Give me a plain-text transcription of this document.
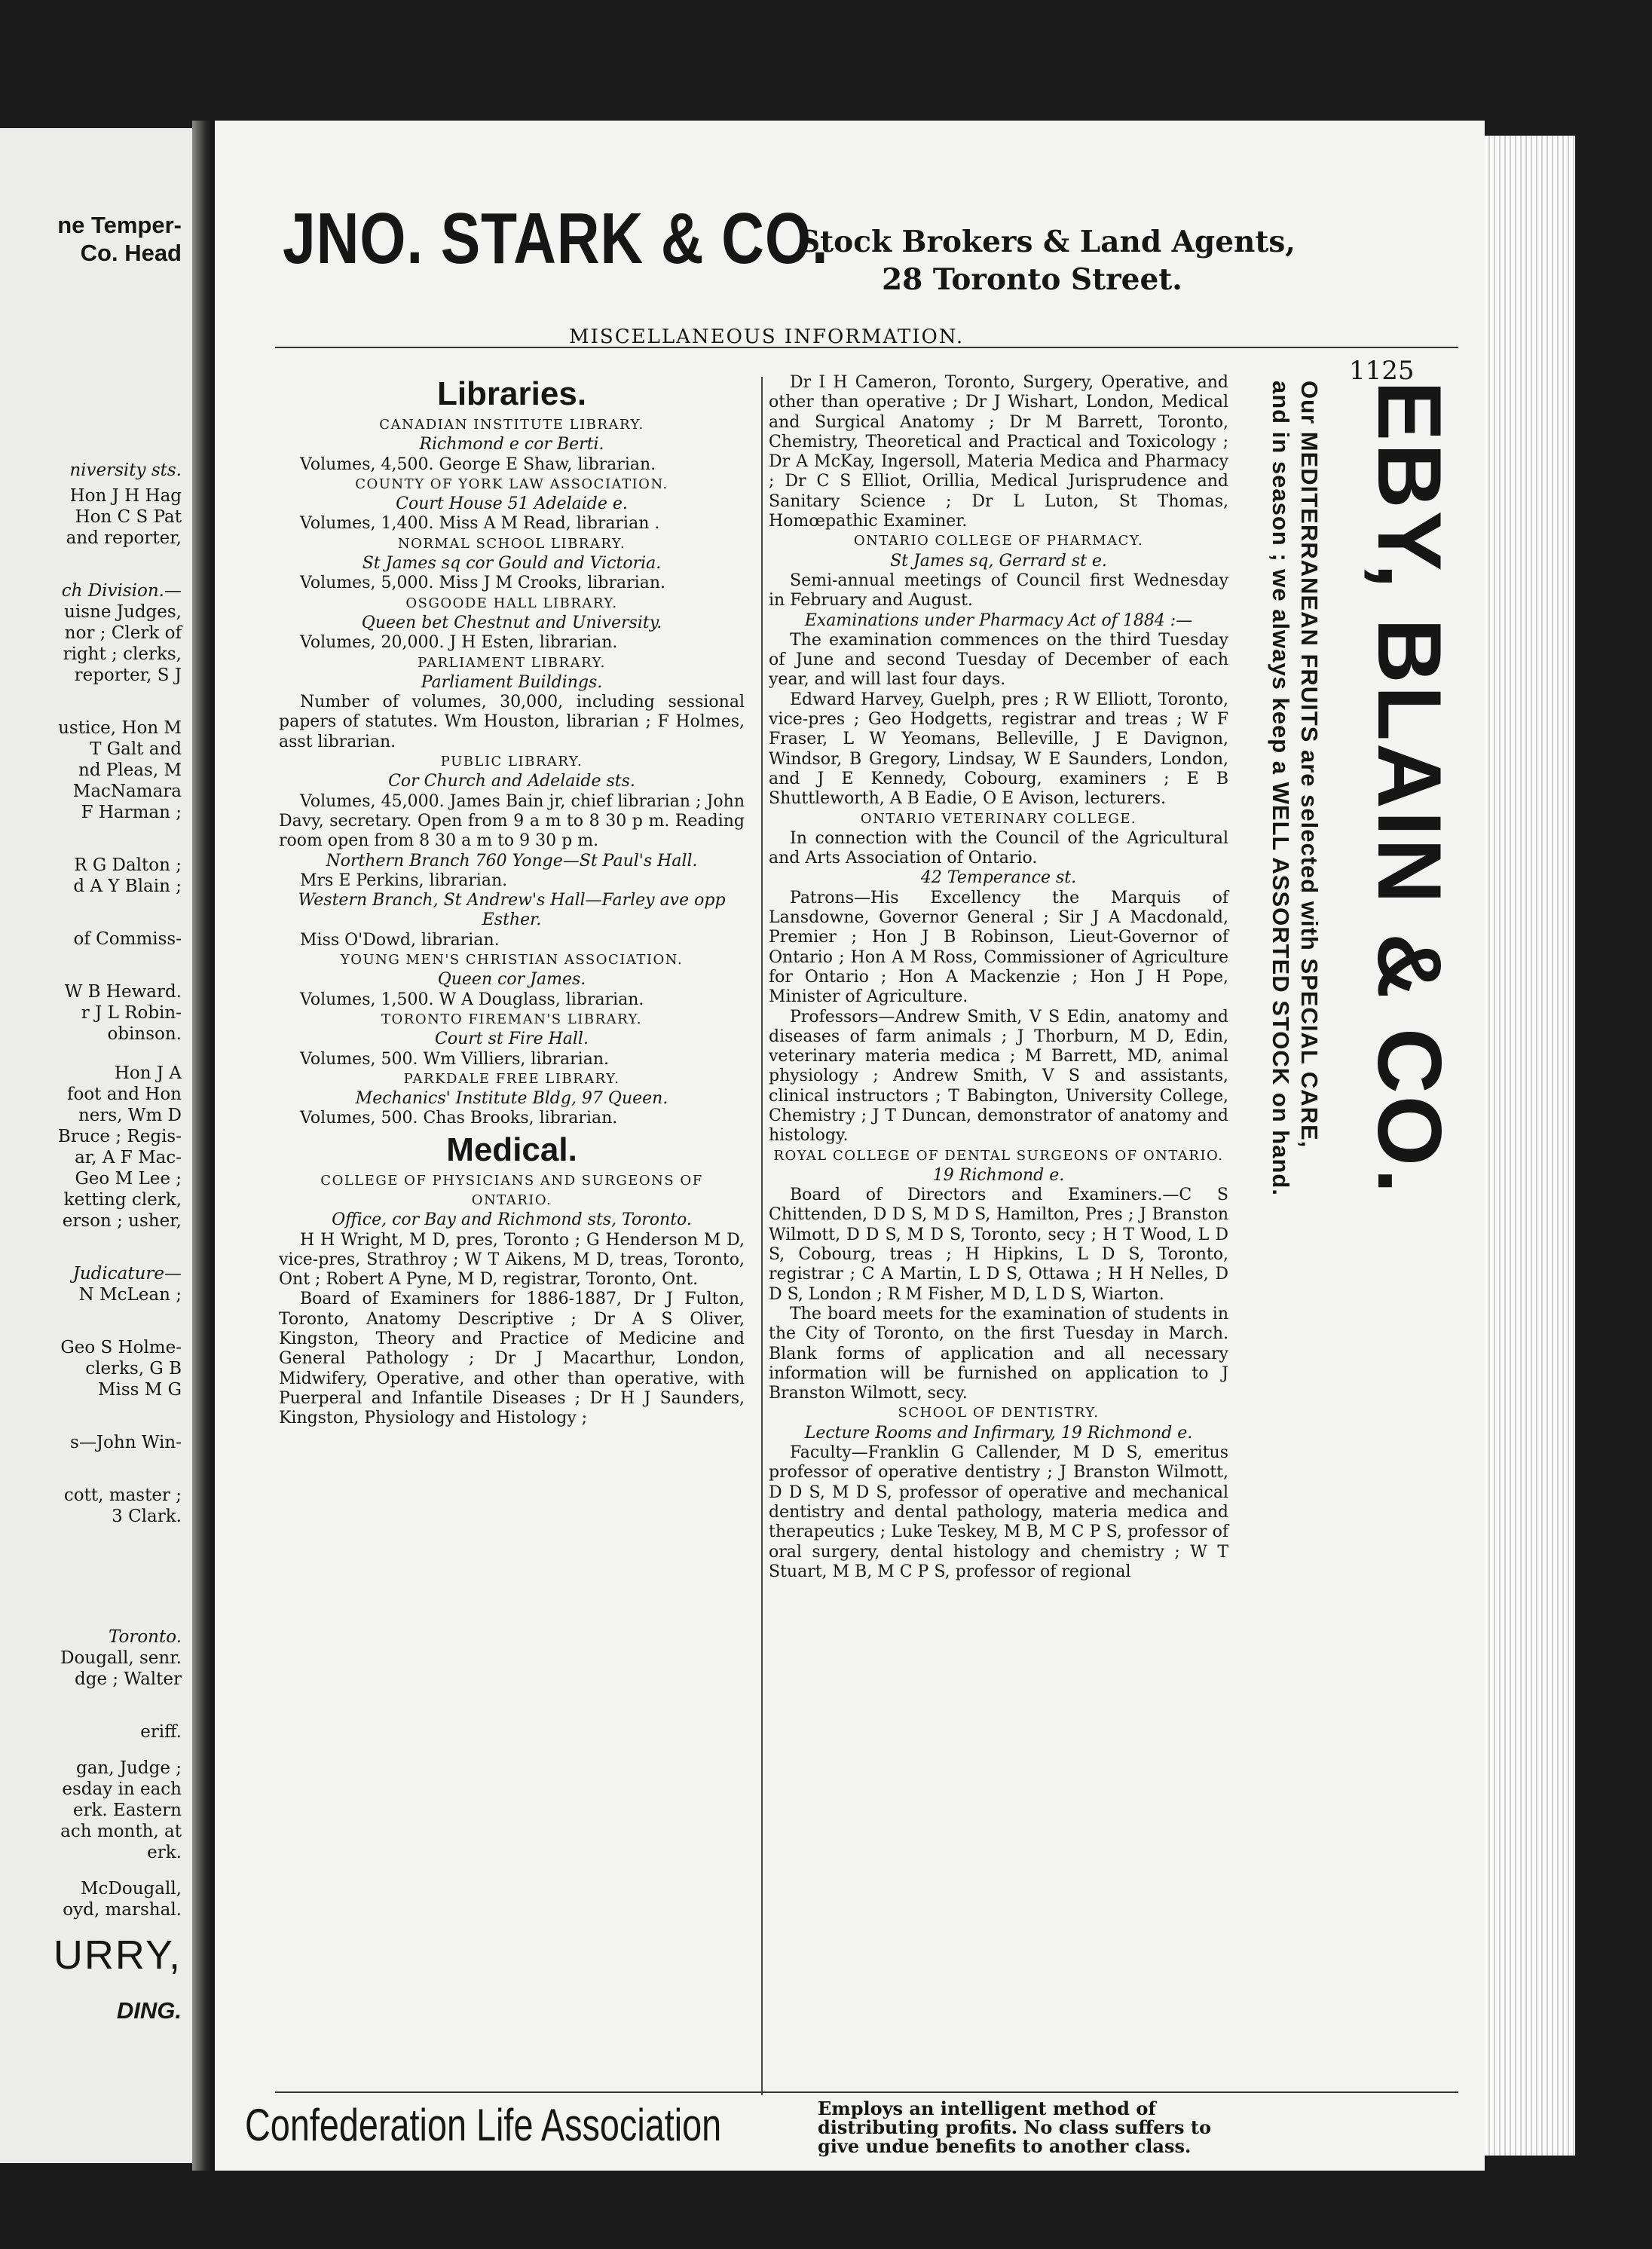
ne Temper-
Co. Head
niversity sts.
Hon J H Hag
Hon C S Pat
and reporter,
ch Division.—
uisne Judges,
nor ; Clerk of
right ; clerks,
reporter, S J
ustice, Hon M
T Galt and
nd Pleas, M
MacNamara
F Harman ;
R G Dalton ;
d A Y Blain ;
of Commiss-
W B Heward.
r J L Robin-
obinson.
Hon J A
foot and Hon
ners, Wm D
Bruce ; Regis-
ar, A F Mac-
Geo M Lee ;
ketting clerk,
erson ; usher,
Judicature—
N McLean ;
Geo S Holme-
clerks, G B
Miss M G
s—John Win-
cott, master ;
3 Clark.
Toronto.
Dougall, senr.
dge ; Walter
eriff.
gan, Judge ;
esday in each
erk. Eastern
ach month, at
erk.
McDougall,
oyd, marshal.
URRY,
DING.
JNO. STARK & CO.
Stock Brokers & Land Agents,
28 Toronto Street.
MISCELLANEOUS INFORMATION.
1125

Libraries.

CANADIAN INSTITUTE LIBRARY.

Richmond e cor Berti.

Volumes, 4,500. George E Shaw, librarian.

COUNTY OF YORK LAW ASSOCIATION.

Court House 51 Adelaide e.

Volumes, 1,400. Miss A M Read, librarian .

NORMAL SCHOOL LIBRARY.

St James sq cor Gould and Victoria.

Volumes, 5,000. Miss J M Crooks, librarian.

OSGOODE HALL LIBRARY.

Queen bet Chestnut and University.

Volumes, 20,000. J H Esten, librarian.

PARLIAMENT LIBRARY.

Parliament Buildings.

Number of volumes, 30,000, including sessional papers of statutes. Wm Houston, librarian ; F Holmes, asst librarian.

PUBLIC LIBRARY.

Cor Church and Adelaide sts.

Volumes, 45,000. James Bain jr, chief librarian ; John Davy, secretary. Open from 9 a m to 8 30 p m. Reading room open from 8 30 a m to 9 30 p m.

Northern Branch 760 Yonge—St Paul's Hall.

Mrs E Perkins, librarian.

Western Branch, St Andrew's Hall—Farley ave opp Esther.

Miss O'Dowd, librarian.

YOUNG MEN'S CHRISTIAN ASSOCIATION.

Queen cor James.

Volumes, 1,500. W A Douglass, librarian.

TORONTO FIREMAN'S LIBRARY.

Court st Fire Hall.

Volumes, 500. Wm Villiers, librarian.

PARKDALE FREE LIBRARY.

Mechanics' Institute Bldg, 97 Queen.

Volumes, 500. Chas Brooks, librarian.

Medical.

COLLEGE OF PHYSICIANS AND SURGEONS OF ONTARIO.

Office, cor Bay and Richmond sts, Toronto.

H H Wright, M D, pres, Toronto ; G Henderson M D, vice-pres, Strathroy ; W T Aikens, M D, treas, Toronto, Ont ; Robert A Pyne, M D, registrar, Toronto, Ont.

Board of Examiners for 1886-1887, Dr J Fulton, Toronto, Anatomy Descriptive ; Dr A S Oliver, Kingston, Theory and Practice of Medicine and General Pathology ; Dr J Macarthur, London, Midwifery, Operative, and other than operative, with Puerperal and Infantile Diseases ; Dr H J Saunders, Kingston, Physiology and Histology ;

Dr I H Cameron, Toronto, Surgery, Operative, and other than operative ; Dr J Wishart, London, Medical and Surgical Anatomy ; Dr M Barrett, Toronto, Chemistry, Theoretical and Practical and Toxicology ; Dr A McKay, Ingersoll, Materia Medica and Pharmacy ; Dr C S Elliot, Orillia, Medical Jurisprudence and Sanitary Science ; Dr L Luton, St Thomas, Homœpathic Examiner.

ONTARIO COLLEGE OF PHARMACY.

St James sq, Gerrard st e.

Semi-annual meetings of Council first Wednesday in February and August.

Examinations under Pharmacy Act of 1884 :—

The examination commences on the third Tuesday of June and second Tuesday of December of each year, and will last four days.

Edward Harvey, Guelph, pres ; R W Elliott, Toronto, vice-pres ; Geo Hodgetts, registrar and treas ; W F Fraser, L W Yeomans, Belleville, J E Davignon, Windsor, B Gregory, Lindsay, W E Saunders, London, and J E Kennedy, Cobourg, examiners ; E B Shuttleworth, A B Eadie, O E Avison, lecturers.

ONTARIO VETERINARY COLLEGE.

In connection with the Council of the Agricultural and Arts Association of Ontario.

42 Temperance st.

Patrons—His Excellency the Marquis of Lansdowne, Governor General ; Sir J A Macdonald, Premier ; Hon J B Robinson, Lieut-Governor of Ontario ; Hon A M Ross, Commissioner of Agriculture for Ontario ; Hon A Mackenzie ; Hon J H Pope, Minister of Agriculture.

Professors—Andrew Smith, V S Edin, anatomy and diseases of farm animals ; J Thorburn, M D, Edin, veterinary materia medica ; M Barrett, MD, animal physiology ; Andrew Smith, V S and assistants, clinical instructors ; T Babington, University College, Chemistry ; J T Duncan, demonstrator of anatomy and histology.

ROYAL COLLEGE OF DENTAL SURGEONS OF ONTARIO.

19 Richmond e.

Board of Directors and Examiners.—C S Chittenden, D D S, M D S, Hamilton, Pres ; J Branston Wilmott, D D S, M D S, Toronto, secy ; H T Wood, L D S, Cobourg, treas ; H Hipkins, L D S, Toronto, registrar ; C A Martin, L D S, Ottawa ; H H Nelles, D D S, London ; R M Fisher, M D, L D S, Wiarton.

The board meets for the examination of students in the City of Toronto, on the first Tuesday in March. Blank forms of application and all necessary information will be furnished on application to J Branston Wilmott, secy.

SCHOOL OF DENTISTRY.

Lecture Rooms and Infirmary, 19 Richmond e.

Faculty—Franklin G Callender, M D S, emeritus professor of operative dentistry ; J Branston Wilmott, D D S, M D S, professor of operative and mechanical dentistry and dental pathology, materia medica and therapeutics ; Luke Teskey, M B, M C P S, professor of oral surgery, dental histology and chemistry ; W T Stuart, M B, M C P S, professor of regional

EBY, BLAIN & CO.
Our MEDITERRANEAN FRUITS are selected with SPECIAL CARE,
and in season ; we always keep a WELL ASSORTED STOCK on hand.
Confederation Life Association	Employs an intelligent method of distributing profits. No class suffers to give undue benefits to another class.
